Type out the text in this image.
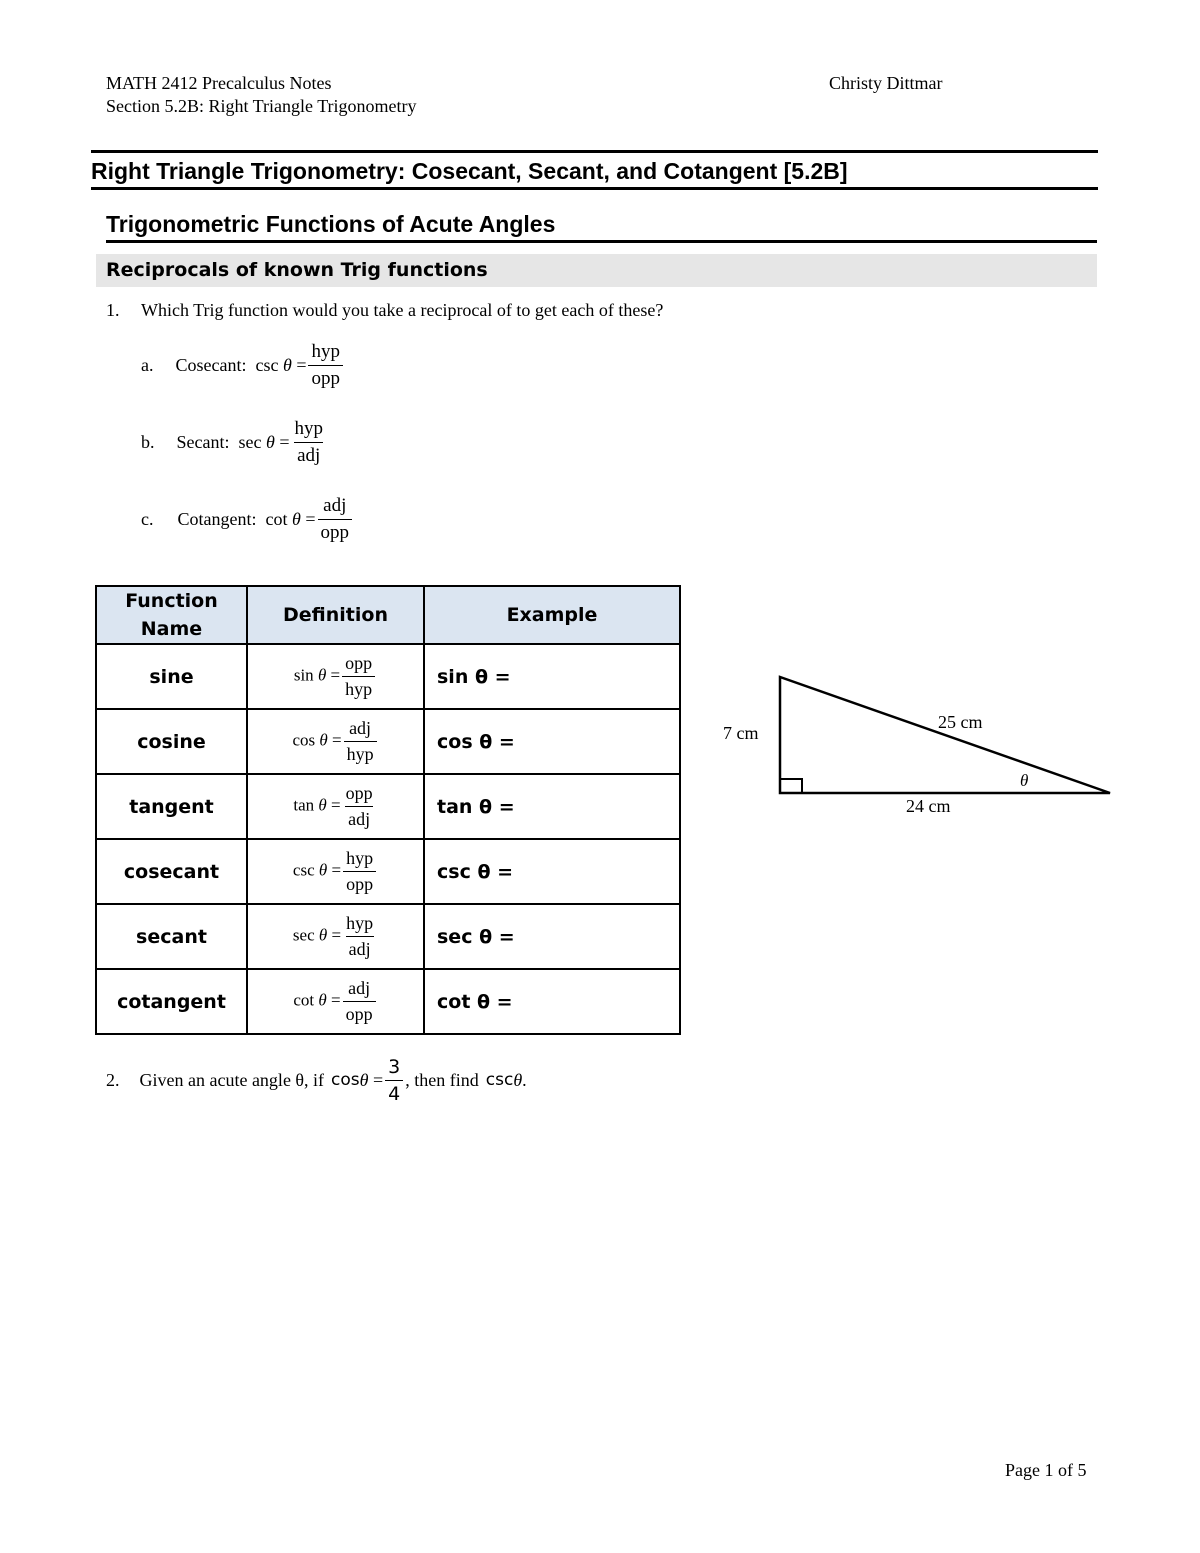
MATH 2412 Precalculus Notes
Section 5.2B: Right Triangle Trigonometry
Christy Dittmar
Right Triangle Trigonometry: Cosecant, Secant, and Cotangent [5.2B]
Trigonometric Functions of Acute Angles
Reciprocals of known Trig functions
1. Which Trig function would you take a reciprocal of to get each of these?
a. Cosecant: csc
θ
= $\frac{\text{hyp}}{\text{opp}}$
b. Secant: sec
θ
= $\frac{\text{hyp}}{\text{adj}}$
c. Cotangent: cot
θ
= $\frac{\text{adj}}{\text{opp}}$
Function Name	Definition	Example
sine	$\sin \theta = \frac{\text{opp}}{\text{hyp}}$	sin θ =
cosine	$\cos \theta = \frac{\text{adj}}{\text{hyp}}$	cos θ =
tangent	$\tan \theta = \frac{\text{opp}}{\text{adj}}$	tan θ =
cosecant	$\csc \theta = \frac{\text{hyp}}{\text{opp}}$	csc θ =
secant	$\sec \theta = \frac{\text{hyp}}{\text{adj}}$	sec θ =
cotangent	$\cot \theta = \frac{\text{adj}}{\text{opp}}$	cot θ =
7 cm
25 cm
24 cm
θ
2. Given an acute angle θ, if cos θ
= $\frac{3}{4}$ , then find csc θ .
Page 1 of 5
